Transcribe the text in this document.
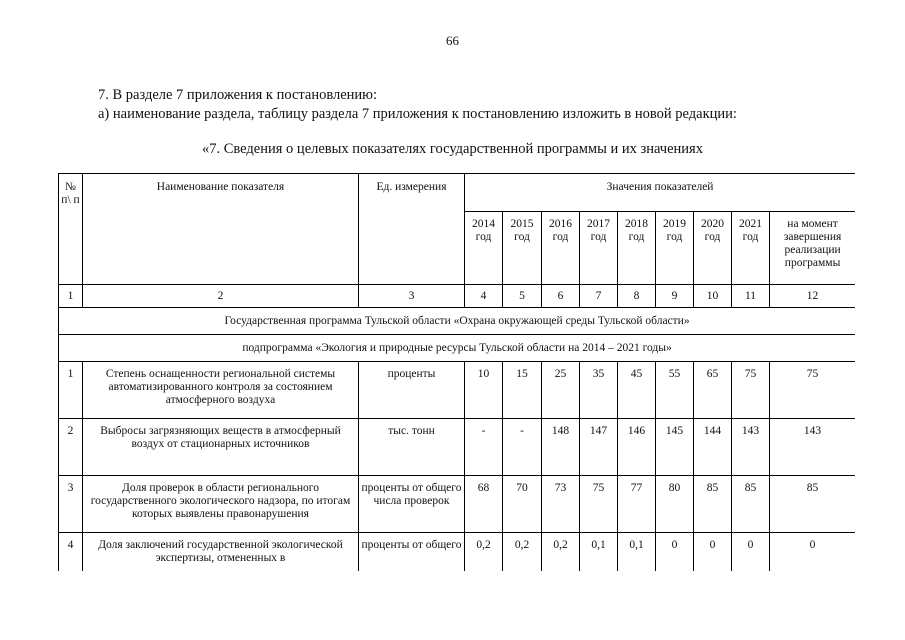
66
7. В разделе 7 приложения к постановлению:
а) наименование раздела, таблицу раздела 7 приложения к постановлению изложить в новой редакции:
«7. Сведения о целевых показателях государственной программы и их значениях
№ п\ п	Наименование показателя	Ед. измерения	Значения показателей								
			2014 год	2015 год	2016 год	2017 год	2018 год	2019 год	2020 год	2021 год	на момент завершения реализации программы
1	2	3	4	5	6	7	8	9	10	11	12
Государственная программа Тульской области «Охрана окружающей среды Тульской области»											
подпрограмма «Экология и природные ресурсы Тульской области на 2014 – 2021 годы»											
1	Степень оснащенности региональной системы автоматизированного контроля за состоянием атмосферного воздуха	проценты	10	15	25	35	45	55	65	75	75
2	Выбросы загрязняющих веществ в атмосферный воздух от стационарных источников	тыс. тонн	-	-	148	147	146	145	144	143	143
3	Доля проверок в области регионального государственного экологического надзора, по итогам которых выявлены правонарушения	проценты от общего числа проверок	68	70	73	75	77	80	85	85	85
4	Доля заключений государственной экологической экспертизы, отмененных в	проценты от общего	0,2	0,2	0,2	0,1	0,1	0	0	0	0
